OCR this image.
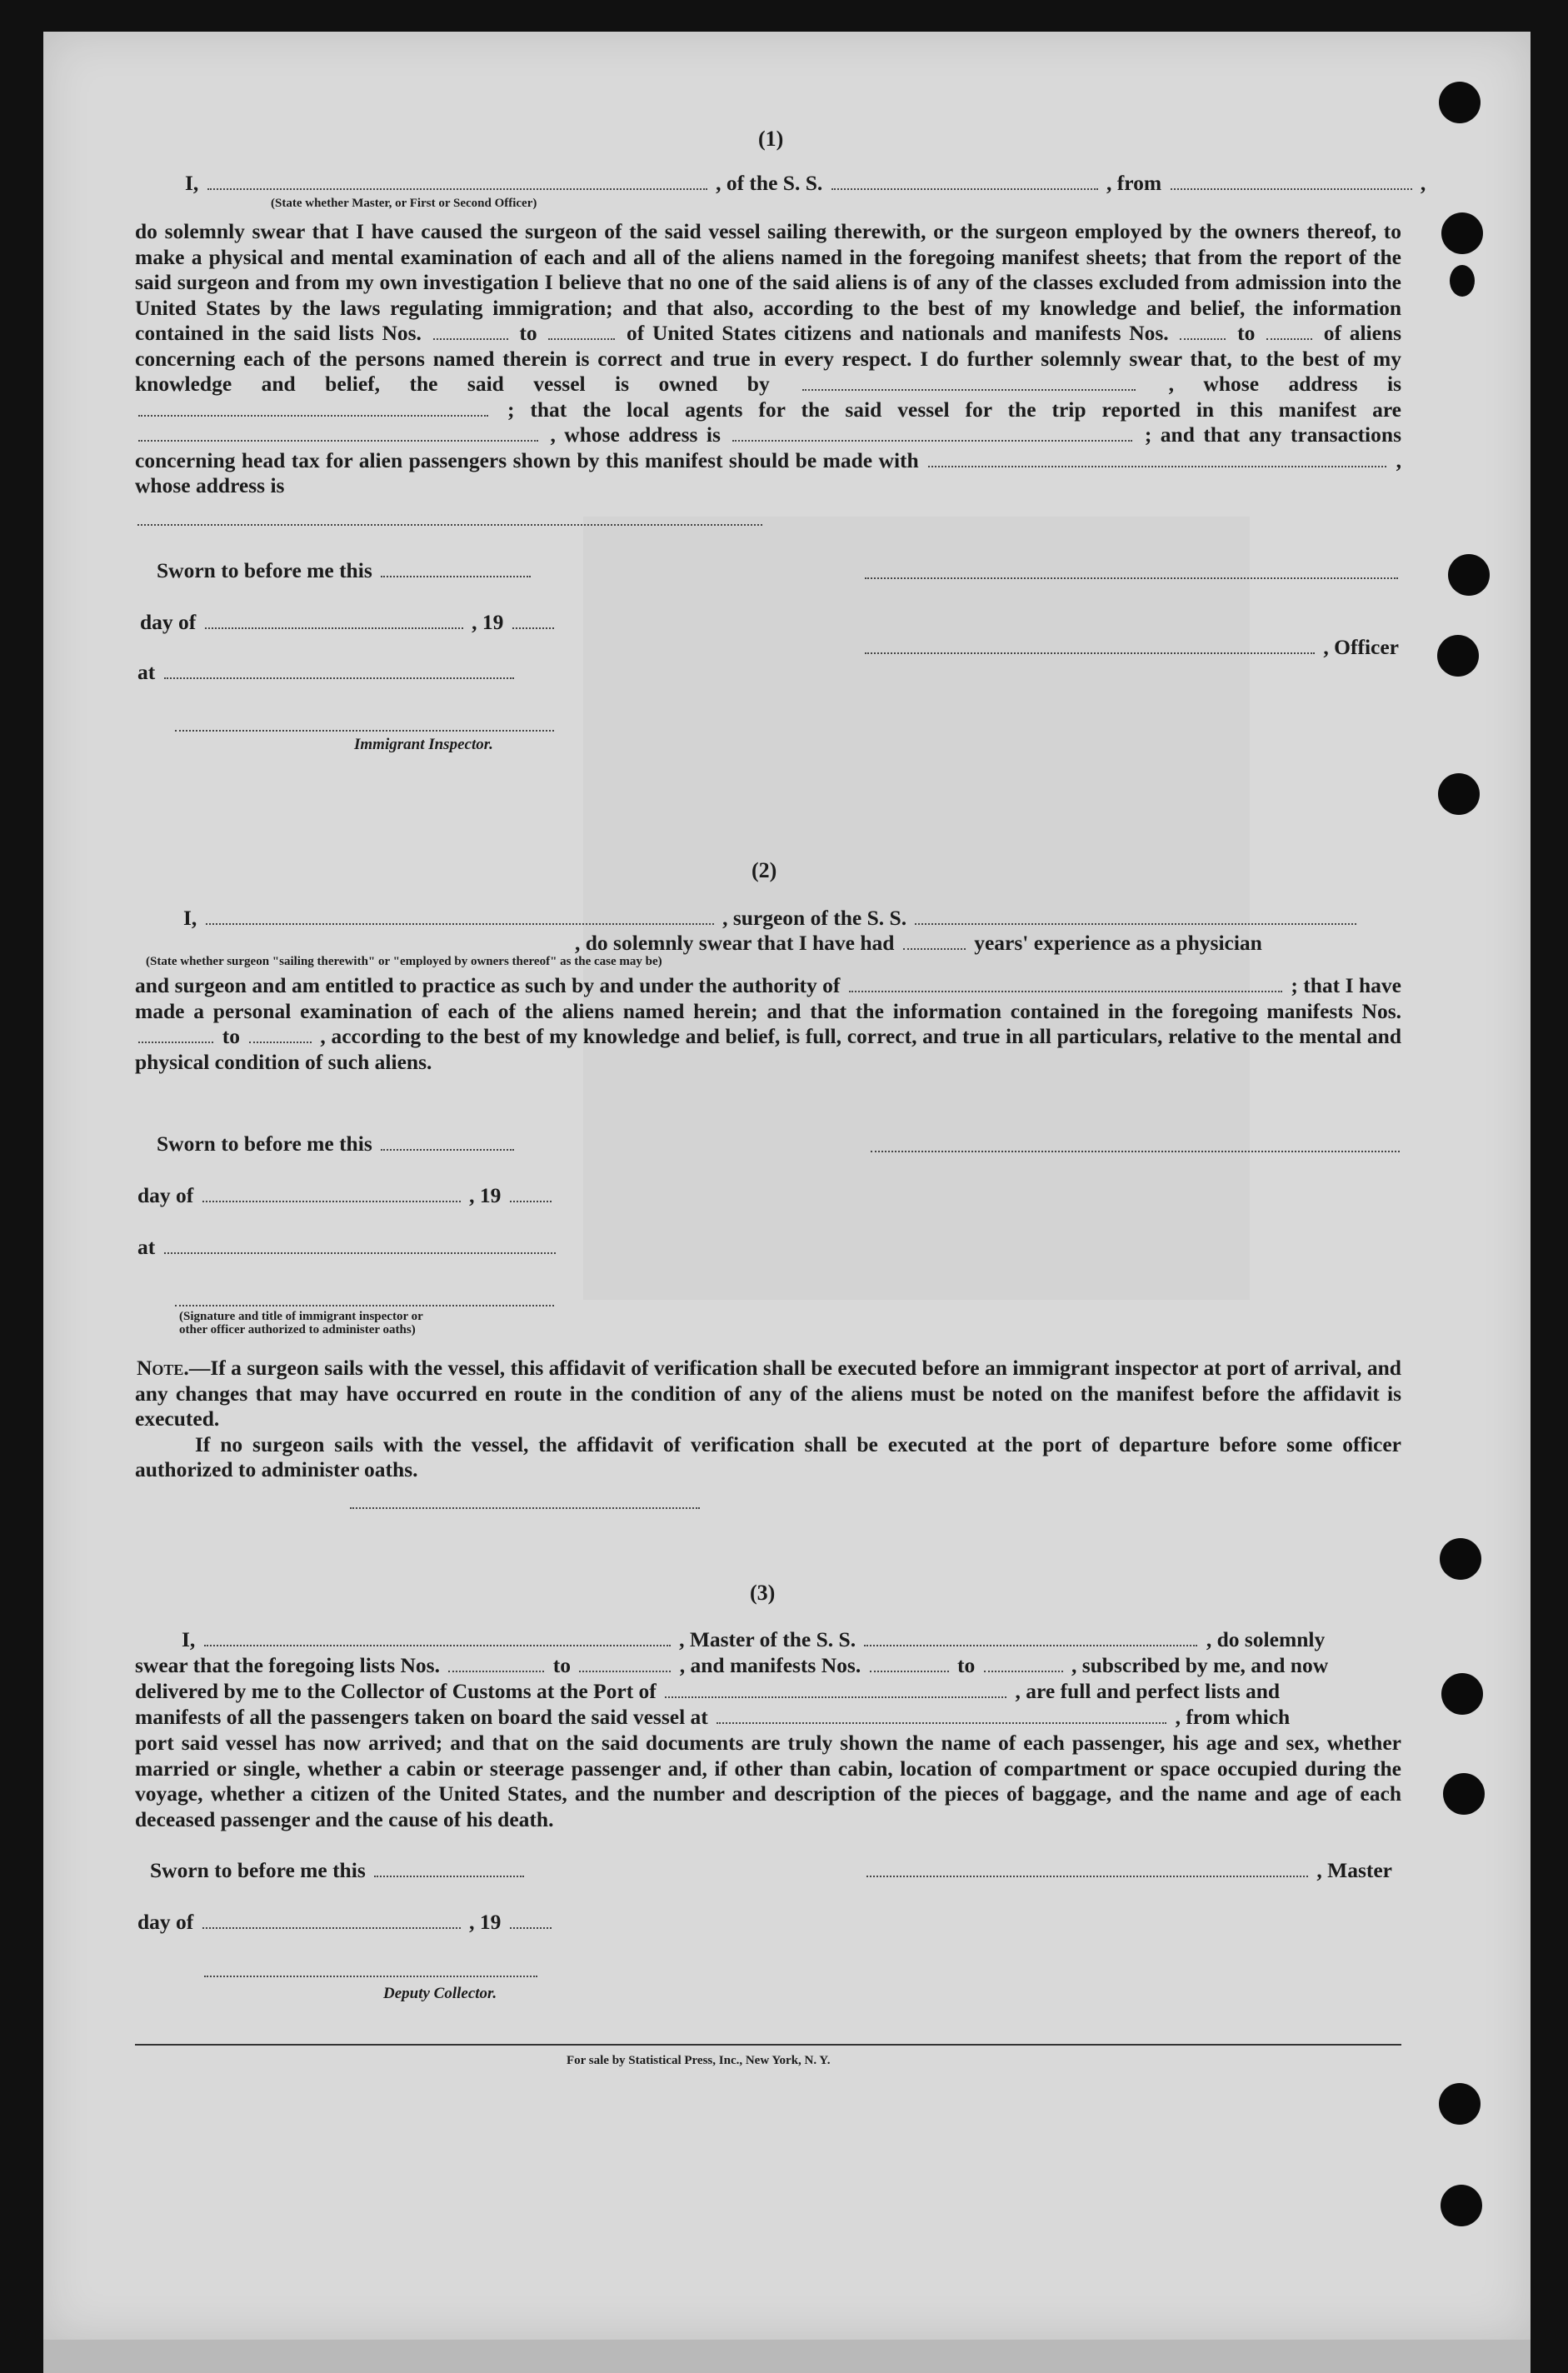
(1)
I,	, of the S. S.	, from	,
(State whether Master, or First or Second Officer)

do solemnly swear that I have caused the surgeon of the said vessel sailing therewith, or the surgeon employed by the owners thereof, to make a physical and mental examination of each and all of the aliens named in the foregoing manifest sheets; that from the report of the said surgeon and from my own investigation I believe that no one of the said aliens is of any of the classes excluded from admission into the United States by the laws regulating immigration; and that also, according to the best of my knowledge and belief, the information contained in the said lists Nos.	to	of United States citizens and nationals and manifests Nos.	to	of aliens concerning each of the persons named therein is correct and true in every respect. I do further solemnly swear that, to the best of my knowledge and belief, the said vessel is owned by	, whose address is  ; that the local agents for the said vessel for the trip reported in this manifest are  , whose address is	; and that any transactions concerning head tax for alien passengers shown by this manifest should be made with	, whose address is

Sworn to before me this
day of	, 19
, Officer
at
Immigrant Inspector.
(2)
I,	, surgeon of the S. S.
, do solemnly swear that I have had	years' experience as a physician
(State whether surgeon "sailing therewith" or "employed by owners thereof" as the case may be)

and surgeon and am entitled to practice as such by and under the authority of	; that I have made a personal examination of each of the aliens named herein; and that the information contained in the foregoing manifests Nos.  to	, according to the best of my knowledge and belief, is full, correct, and true in all particulars, relative to the mental and physical condition of such aliens.

Sworn to before me this
day of	, 19
at
(Signature and title of immigrant inspector or
other officer authorized to administer oaths)

Note.—If a surgeon sails with the vessel, this affidavit of verification shall be executed before an immigrant inspector at port of arrival, and any changes that may have occurred en route in the condition of any of the aliens must be noted on the manifest before the affidavit is executed.

If no surgeon sails with the vessel, the affidavit of verification shall be executed at the port of departure before some officer authorized to administer oaths.

(3)
I,	, Master of the S. S.	, do solemnly
swear that the foregoing lists Nos.	to	, and manifests Nos.	to	, subscribed by me, and now
delivered by me to the Collector of Customs at the Port of	, are full and perfect lists and
manifests of all the passengers taken on board the said vessel at	, from which

port said vessel has now arrived; and that on the said documents are truly shown the name of each passenger, his age and sex, whether married or single, whether a cabin or steerage passenger and, if other than cabin, location of compartment or space occupied during the voyage, whether a citizen of the United States, and the number and description of the pieces of baggage, and the name and age of each deceased passenger and the cause of his death.

Sworn to before me this	, Master
day of	, 19
Deputy Collector.
For sale by Statistical Press, Inc., New York, N. Y.
